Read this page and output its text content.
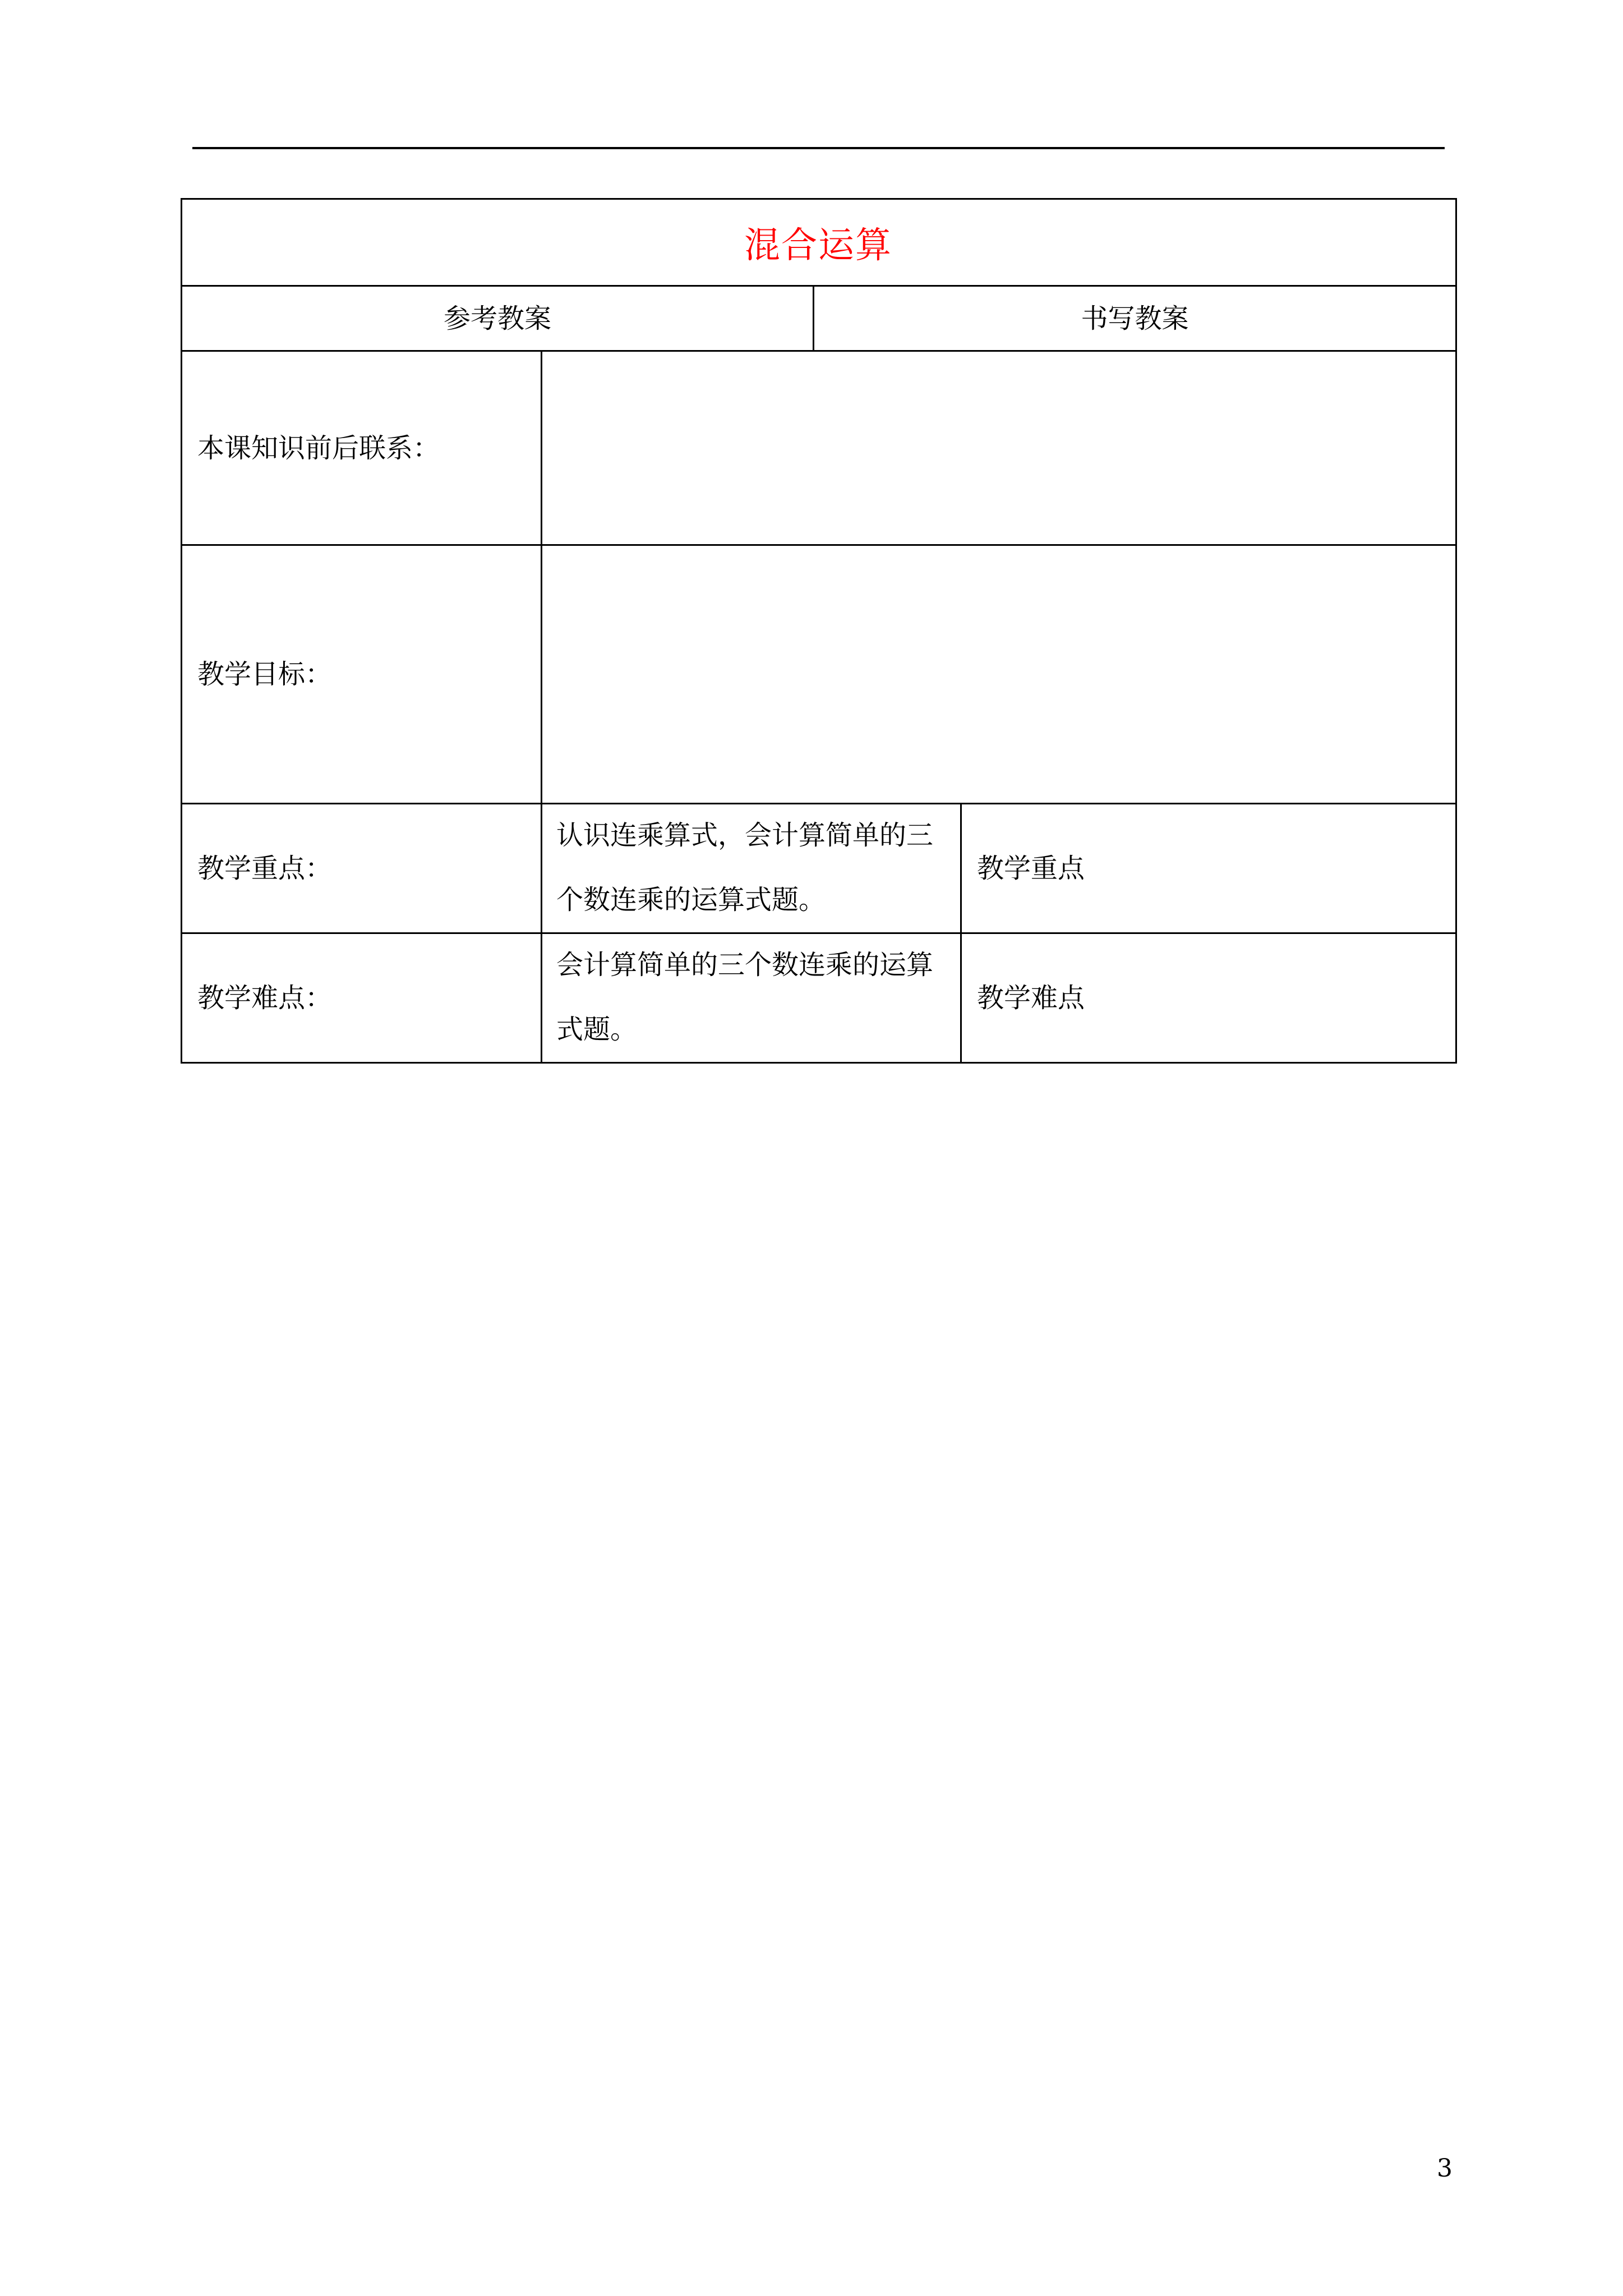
混合运算
参考教案	书写教案
本课知识前后联系：
教学目标：
教学重点：
认识连乘算式，会计算简单的三个数连乘的运算式题。
教学重点
教学难点：
会计算简单的三个数连乘的运算式题。
教学难点
3
